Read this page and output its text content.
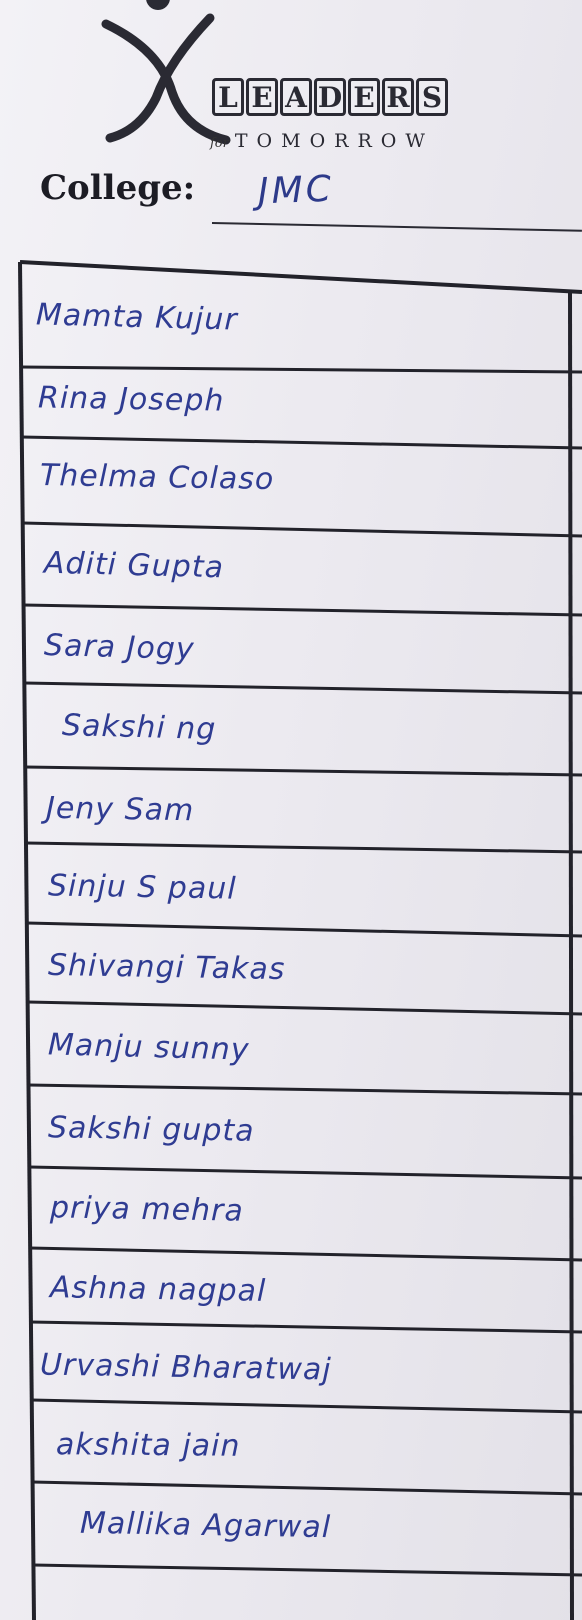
L E A D E R S
for TOMORROW
College: JMC
Mamta Kujur
Rina Joseph
Thelma Colaso
Aditi Gupta
Sara Jogy
Sakshi ng
Jeny Sam
Sinju S paul
Shivangi Takas
Manju sunny
Sakshi gupta
priya mehra
Ashna nagpal
Urvashi Bharatwaj
akshita jain
Mallika Agarwal
